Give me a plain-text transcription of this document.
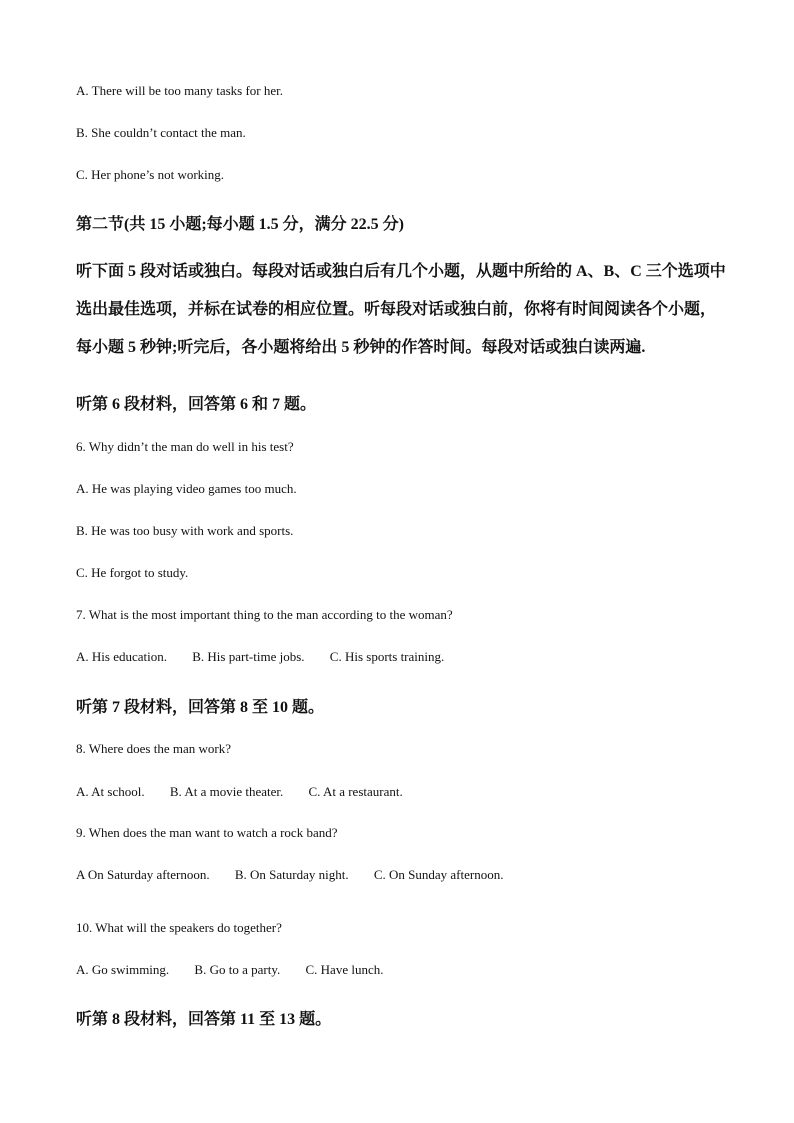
A. There will be too many tasks for her.
B. She couldn’t contact the man.
C. Her phone’s not working.
第二节(共 15 小题;每小题 1.5 分，满分 22.5 分)
听下面 5 段对话或独白。每段对话或独白后有几个小题，从题中所给的 A、B、C 三个选项中
选出最佳选项，并标在试卷的相应位置。听每段对话或独白前，你将有时间阅读各个小题，
每小题 5 秒钟;听完后，各小题将给出 5 秒钟的作答时间。每段对话或独白读两遍.
听第 6 段材料，回答第 6 和 7 题。
6. Why didn’t the man do well in his test?
A. He was playing video games too much.
B. He was too busy with work and sports.
C. He forgot to study.
7. What is the most important thing to the man according to the woman?
A. His education. B. His part-time jobs. C. His sports training.
听第 7 段材料，回答第 8 至 10 题。
8. Where does the man work?
A. At school. B. At a movie theater. C. At a restaurant.
9. When does the man want to watch a rock band?
A On Saturday afternoon. B. On Saturday night. C. On Sunday afternoon.
10. What will the speakers do together?
A. Go swimming. B. Go to a party. C. Have lunch.
听第 8 段材料，回答第 11 至 13 题。
